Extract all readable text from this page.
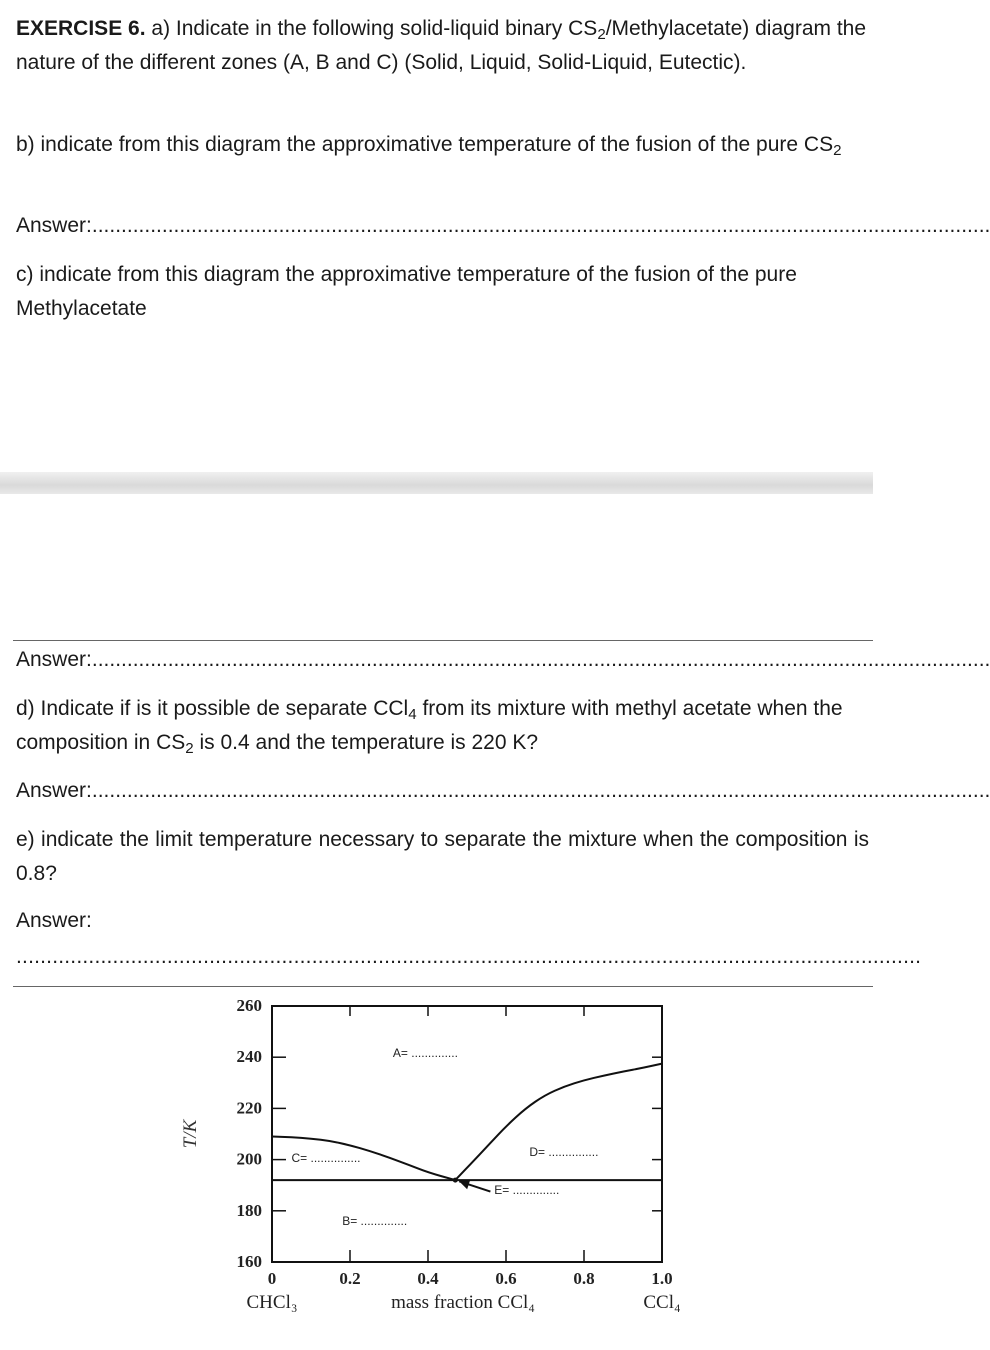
EXERCISE 6. a) Indicate in the following solid-liquid binary $CS_2/Methylacetate$) diagram the nature of the different zones (A, B and C) (Solid, Liquid, Solid-Liquid, Eutectic).

b) indicate from this diagram the approximative temperature of the fusion of the pure $CS_2$

Answer:..........................................................................................................................................................

c) indicate from this diagram the approximative temperature of the fusion of the pure Methylacetate

Answer:..........................................................................................................................................................

d) Indicate if is it possible de separate CCl$_4$ from its mixture with methyl acetate when the composition in $CS_2$ is 0.4 and the temperature is 220 K?

Answer:..........................................................................................................................................................

e) indicate the limit temperature necessary to separate the mixture when the composition is 0.8?

Answer:

......................................................................................................................................................

160
180
200
220
240
260
0	0.2	0.4	0.6	0.8	1.0
T/K
mass fraction CCl₄
CHCl₃	CCl₄
A= ..............
C= ...............	D= ...............
E= ..............
B= ..............
